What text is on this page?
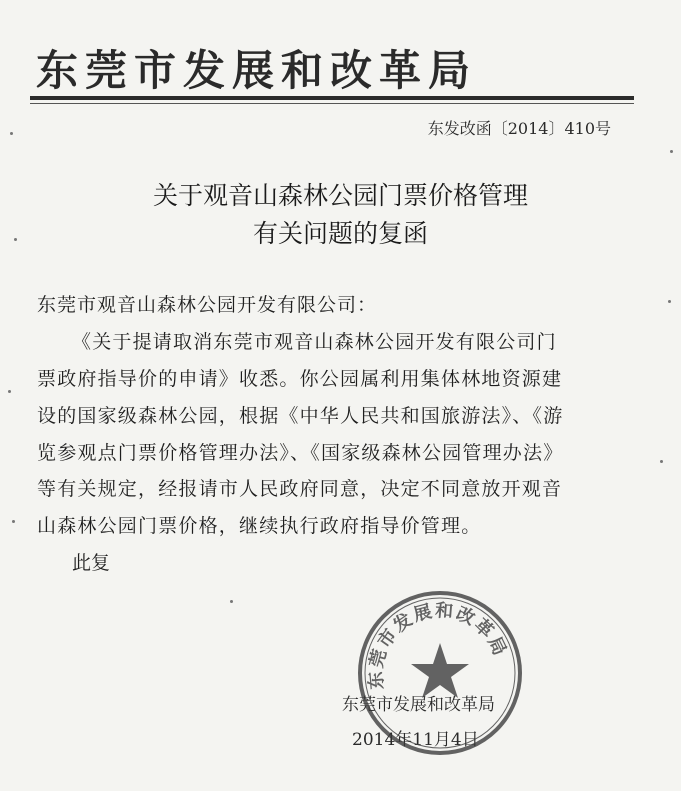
东莞市发展和改革局
东发改函〔2014〕410号
关于观音山森林公园门票价格管理
有关问题的复函
东莞市观音山森林公园开发有限公司：
《关于提请取消东莞市观音山森林公园开发有限公司门
票政府指导价的申请》收悉。你公园属利用集体林地资源建
设的国家级森林公园，根据《中华人民共和国旅游法》、《游
览参观点门票价格管理办法》、《国家级森林公园管理办法》
等有关规定，经报请市人民政府同意，决定不同意放开观音
山森林公园门票价格，继续执行政府指导价管理。
此复
东莞市发展和改革局
2014年11月4日
东莞市发展和改革局
